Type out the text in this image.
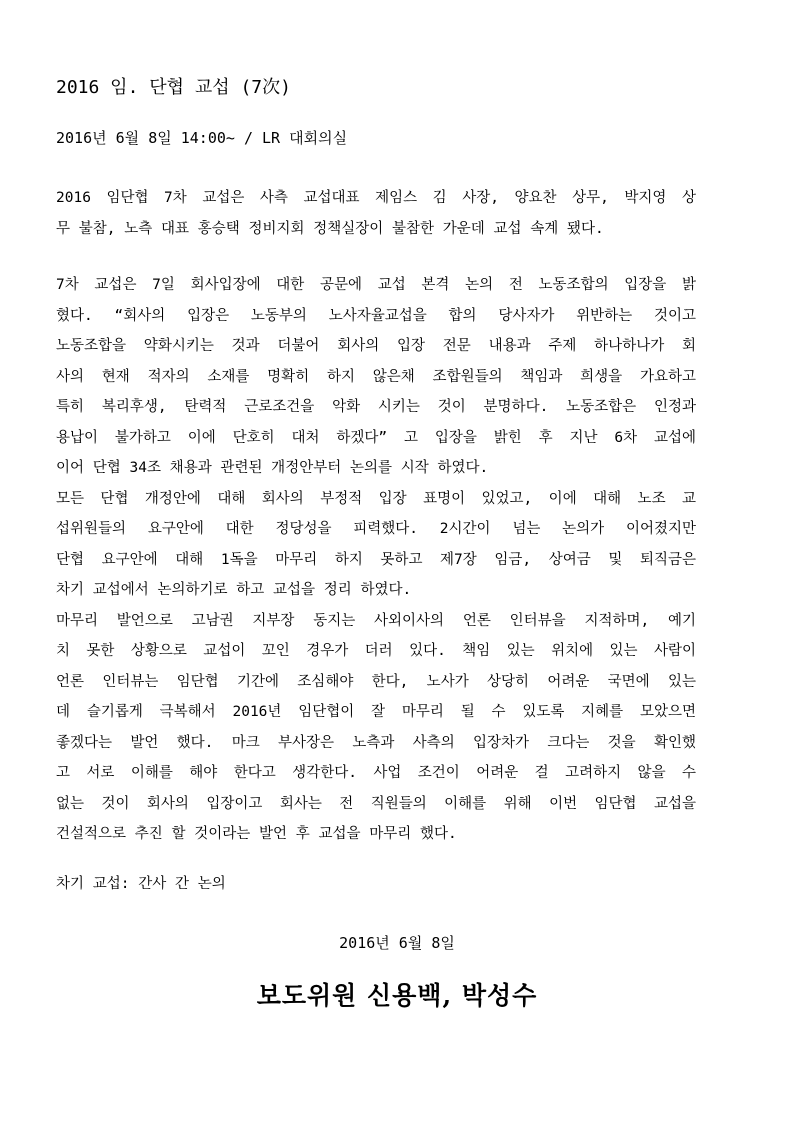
2016 임. 단협 교섭 (7次)
2016년 6월 8일 14:00~ / LR 대회의실
2016 임단협 7차 교섭은 사측 교섭대표 제임스 김 사장, 양요찬 상무, 박지영 상
무 불참, 노측 대표 홍승택 정비지회 정책실장이 불참한 가운데 교섭 속계 됐다.
7차 교섭은 7일 회사입장에 대한 공문에 교섭 본격 논의 전 노동조합의 입장을 밝
혔다. “회사의 입장은 노동부의 노사자율교섭을 합의 당사자가 위반하는 것이고
노동조합을 약화시키는 것과 더불어 회사의 입장 전문 내용과 주제 하나하나가 회
사의 현재 적자의 소재를 명확히 하지 않은채 조합원들의 책임과 희생을 가요하고
특히 복리후생, 탄력적 근로조건을 악화 시키는 것이 분명하다. 노동조합은 인정과
용납이 불가하고 이에 단호히 대처 하겠다” 고 입장을 밝힌 후 지난 6차 교섭에
이어 단협 34조 채용과 관련된 개정안부터 논의를 시작 하였다.
모든 단협 개정안에 대해 회사의 부정적 입장 표명이 있었고, 이에 대해 노조 교
섭위원들의 요구안에 대한 정당성을 피력했다. 2시간이 넘는 논의가 이어졌지만
단협 요구안에 대해 1독을 마무리 하지 못하고 제7장 임금, 상여금 및 퇴직금은
차기 교섭에서 논의하기로 하고 교섭을 정리 하였다.
마무리 발언으로 고남권 지부장 동지는 사외이사의 언론 인터뷰을 지적하며, 예기
치 못한 상황으로 교섭이 꼬인 경우가 더러 있다. 책임 있는 위치에 있는 사람이
언론 인터뷰는 임단협 기간에 조심해야 한다, 노사가 상당히 어려운 국면에 있는
데 슬기롭게 극복해서 2016년 임단협이 잘 마무리 될 수 있도록 지혜를 모았으면
좋겠다는 발언 했다. 마크 부사장은 노측과 사측의 입장차가 크다는 것을 확인했
고 서로 이해를 해야 한다고 생각한다. 사업 조건이 어려운 걸 고려하지 않을 수
없는 것이 회사의 입장이고 회사는 전 직원들의 이해를 위해 이번 임단협 교섭을
건설적으로 추진 할 것이라는 발언 후 교섭을 마무리 했다.
차기 교섭: 간사 간 논의
2016년 6월 8일
보도위원 신용백, 박성수
